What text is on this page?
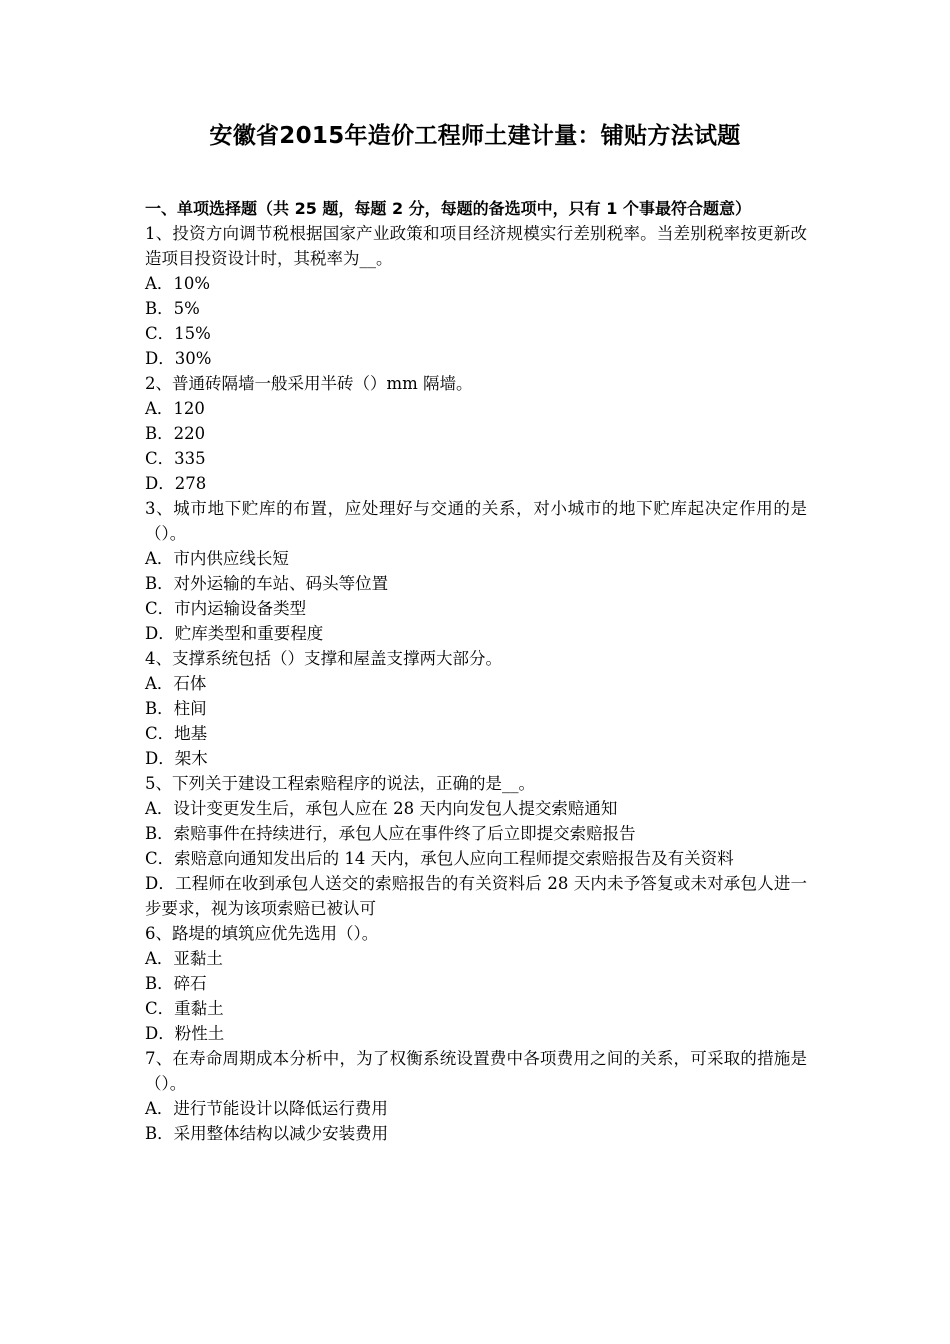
安徽省2015年造价工程师土建计量：铺贴方法试题
一、单项选择题（共 25 题，每题 2 分，每题的备选项中，只有 1 个事最符合题意）
1、投资方向调节税根据国家产业政策和项目经济规模实行差别税率。当差别税率按更新改造项目投资设计时，其税率为__。
A．10%
B．5%
C．15%
D．30%
2、普通砖隔墙一般采用半砖（）mm 隔墙。
A．120
B．220
C．335
D．278
3、城市地下贮库的布置，应处理好与交通的关系，对小城市的地下贮库起决定作用的是（）。
A．市内供应线长短
B．对外运输的车站、码头等位置
C．市内运输设备类型
D．贮库类型和重要程度
4、支撑系统包括（）支撑和屋盖支撑两大部分。
A．石体
B．柱间
C．地基
D．架木
5、下列关于建设工程索赔程序的说法，正确的是__。
A．设计变更发生后，承包人应在 28 天内向发包人提交索赔通知
B．索赔事件在持续进行，承包人应在事件终了后立即提交索赔报告
C．索赔意向通知发出后的 14 天内，承包人应向工程师提交索赔报告及有关资料
D．工程师在收到承包人送交的索赔报告的有关资料后 28 天内未予答复或未对承包人进一步要求，视为该项索赔已被认可
6、路堤的填筑应优先选用（）。
A．亚黏土
B．碎石
C．重黏土
D．粉性土
7、在寿命周期成本分析中，为了权衡系统设置费中各项费用之间的关系，可采取的措施是（）。
A．进行节能设计以降低运行费用
B．采用整体结构以减少安装费用
